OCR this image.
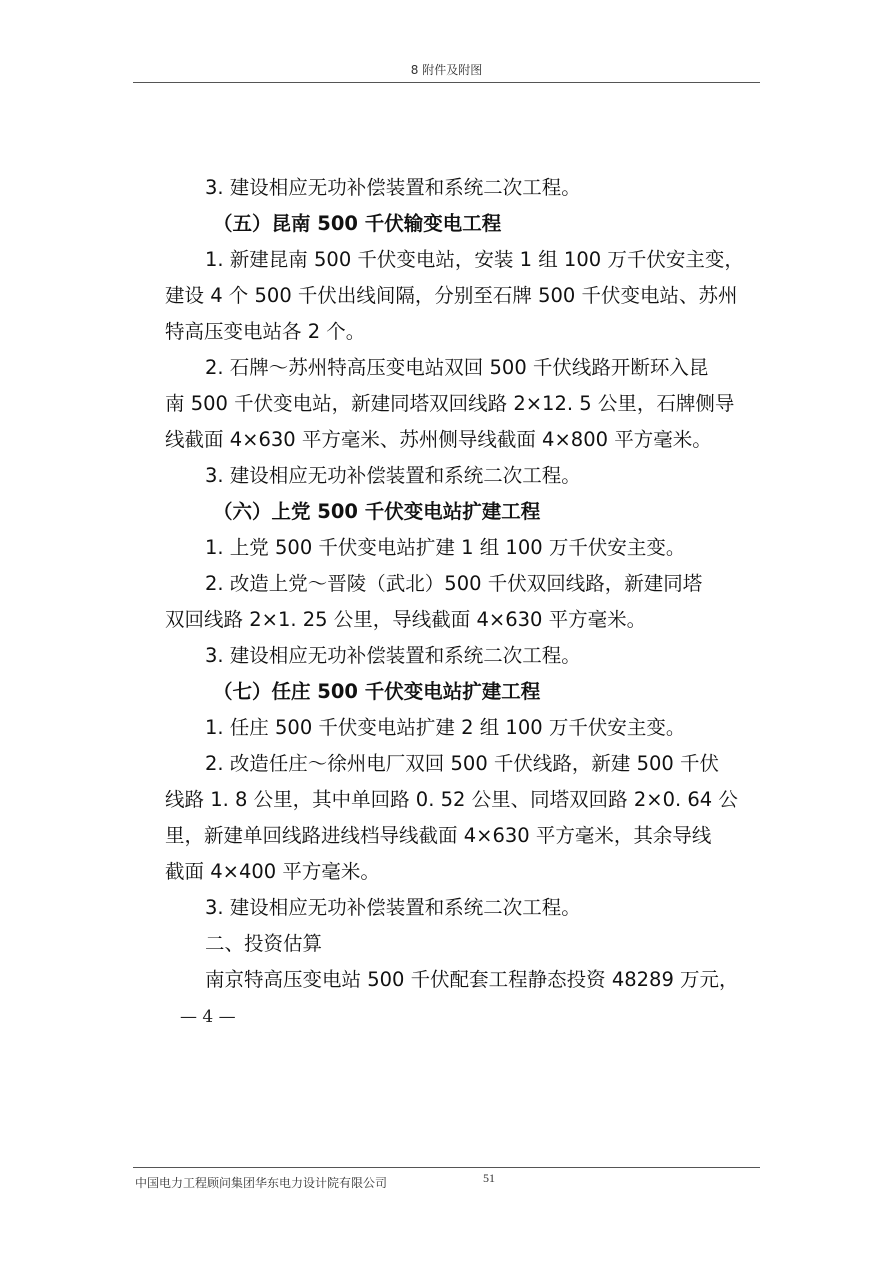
8 附件及附图
3. 建设相应无功补偿装置和系统二次工程。
（五）昆南 500 千伏输变电工程
1. 新建昆南 500 千伏变电站，安装 1 组 100 万千伏安主变，
建设 4 个 500 千伏出线间隔，分别至石牌 500 千伏变电站、苏州
特高压变电站各 2 个。
2. 石牌～苏州特高压变电站双回 500 千伏线路开断环入昆
南 500 千伏变电站，新建同塔双回线路 2×12. 5 公里，石牌侧导
线截面 4×630 平方毫米、苏州侧导线截面 4×800 平方毫米。
3. 建设相应无功补偿装置和系统二次工程。
（六）上党 500 千伏变电站扩建工程
1. 上党 500 千伏变电站扩建 1 组 100 万千伏安主变。
2. 改造上党～晋陵（武北）500 千伏双回线路，新建同塔
双回线路 2×1. 25 公里，导线截面 4×630 平方毫米。
3. 建设相应无功补偿装置和系统二次工程。
（七）任庄 500 千伏变电站扩建工程
1. 任庄 500 千伏变电站扩建 2 组 100 万千伏安主变。
2. 改造任庄～徐州电厂双回 500 千伏线路，新建 500 千伏
线路 1. 8 公里，其中单回路 0. 52 公里、同塔双回路 2×0. 64 公
里，新建单回线路进线档导线截面 4×630 平方毫米，其余导线
截面 4×400 平方毫米。
3. 建设相应无功补偿装置和系统二次工程。
二、投资估算
南京特高压变电站 500 千伏配套工程静态投资 48289 万元，
— 4 —
中国电力工程顾问集团华东电力设计院有限公司	51
